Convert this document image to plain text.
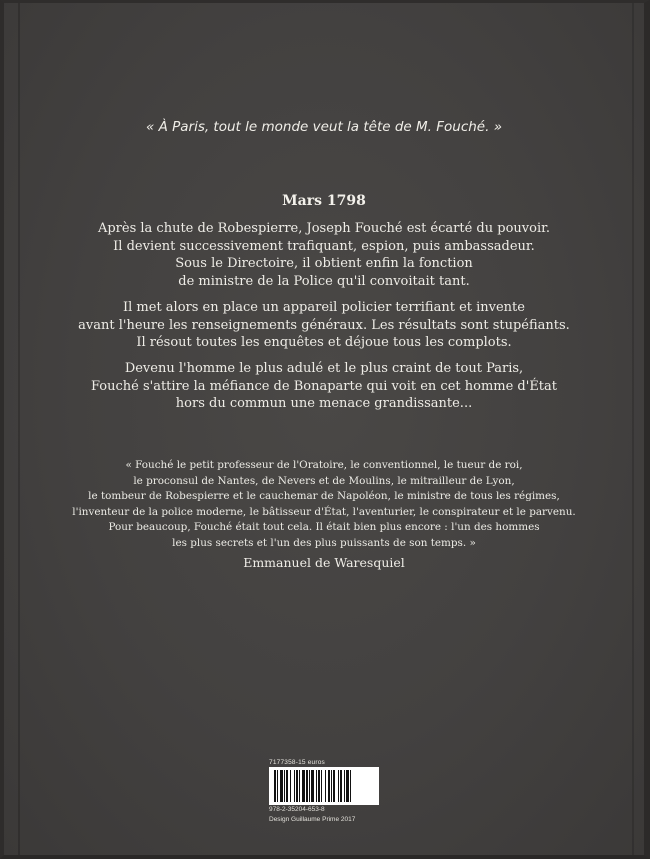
« À Paris, tout le monde veut la tête de M. Fouché. »
Mars 1798
Après la chute de Robespierre, Joseph Fouché est écarté du pouvoir.
Il devient successivement trafiquant, espion, puis ambassadeur.
Sous le Directoire, il obtient enfin la fonction
de ministre de la Police qu'il convoitait tant.
Il met alors en place un appareil policier terrifiant et invente
avant l'heure les renseignements généraux. Les résultats sont stupéfiants.
Il résout toutes les enquêtes et déjoue tous les complots.
Devenu l'homme le plus adulé et le plus craint de tout Paris,
Fouché s'attire la méfiance de Bonaparte qui voit en cet homme d'État
hors du commun une menace grandissante...
« Fouché le petit professeur de l'Oratoire, le conventionnel, le tueur de roi,
le proconsul de Nantes, de Nevers et de Moulins, le mitrailleur de Lyon,
le tombeur de Robespierre et le cauchemar de Napoléon, le ministre de tous les régimes,
l'inventeur de la police moderne, le bâtisseur d'État, l'aventurier, le conspirateur et le parvenu.
Pour beaucoup, Fouché était tout cela. Il était bien plus encore : l'un des hommes
les plus secrets et l'un des plus puissants de son temps. »
Emmanuel de Waresquiel
7177358-15 euros
978-2-35204-653-8
Design Guillaume Prime 2017
